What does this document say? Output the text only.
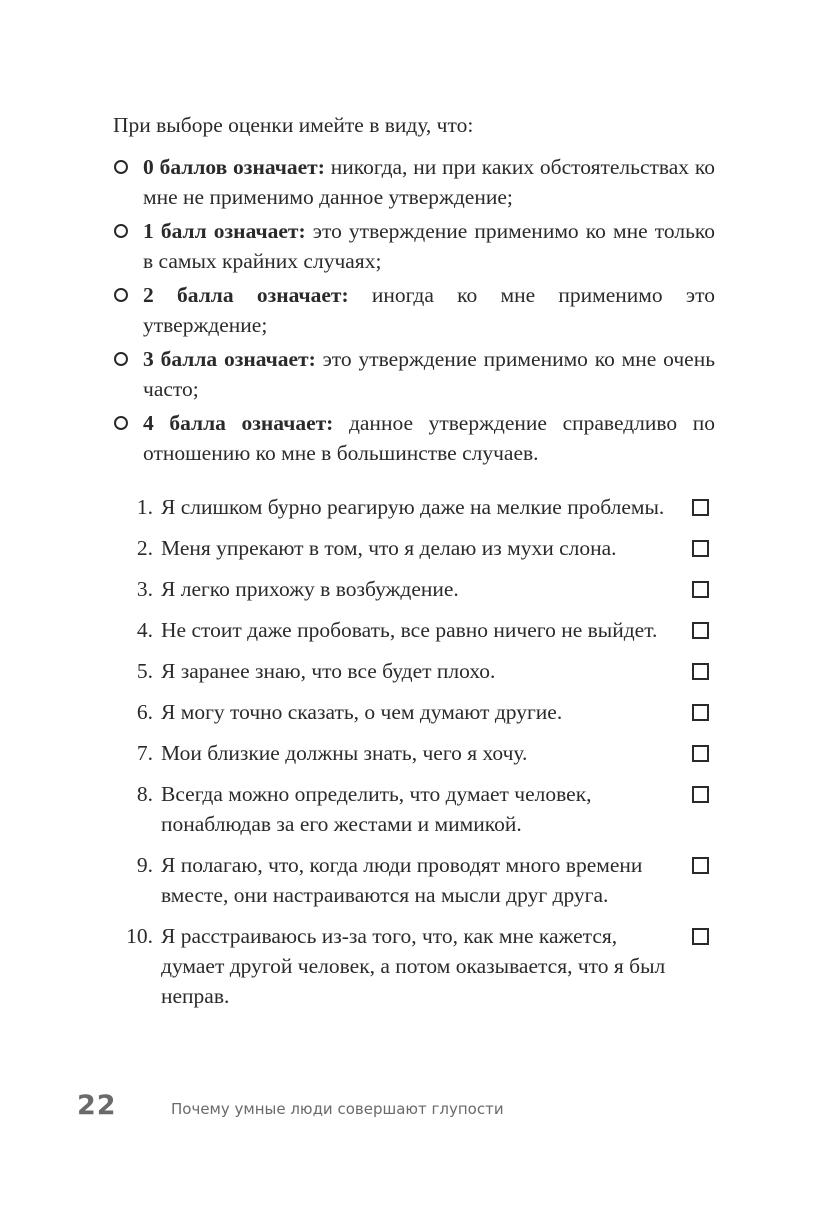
При выборе оценки имейте в виду, что:

0 баллов означает: никогда, ни при каких обстоятельствах ко мне не применимо данное утверждение;
1 балл означает: это утверждение применимо ко мне только в самых крайних случаях;
2 балла означает: иногда ко мне применимо это утверждение;
3 балла означает: это утверждение применимо ко мне очень часто;
4 балла означает: данное утверждение справедливо по отношению ко мне в большинстве случаев.
1. Я слишком бурно реагирую даже на мелкие проблемы.
2. Меня упрекают в том, что я делаю из мухи слона.
3. Я легко прихожу в возбуждение.
4. Не стоит даже пробовать, все равно ничего не выйдет.
5. Я заранее знаю, что все будет плохо.
6. Я могу точно сказать, о чем думают другие.
7. Мои близкие должны знать, чего я хочу.
8. Всегда можно определить, что думает человек, понаблюдав за его жестами и мимикой.
9. Я полагаю, что, когда люди проводят много времени вместе, они настраиваются на мысли друг друга.
10. Я расстраиваюсь из-за того, что, как мне кажется, думает другой человек, а потом оказывается, что я был неправ.
22	Почему умные люди совершают глупости
